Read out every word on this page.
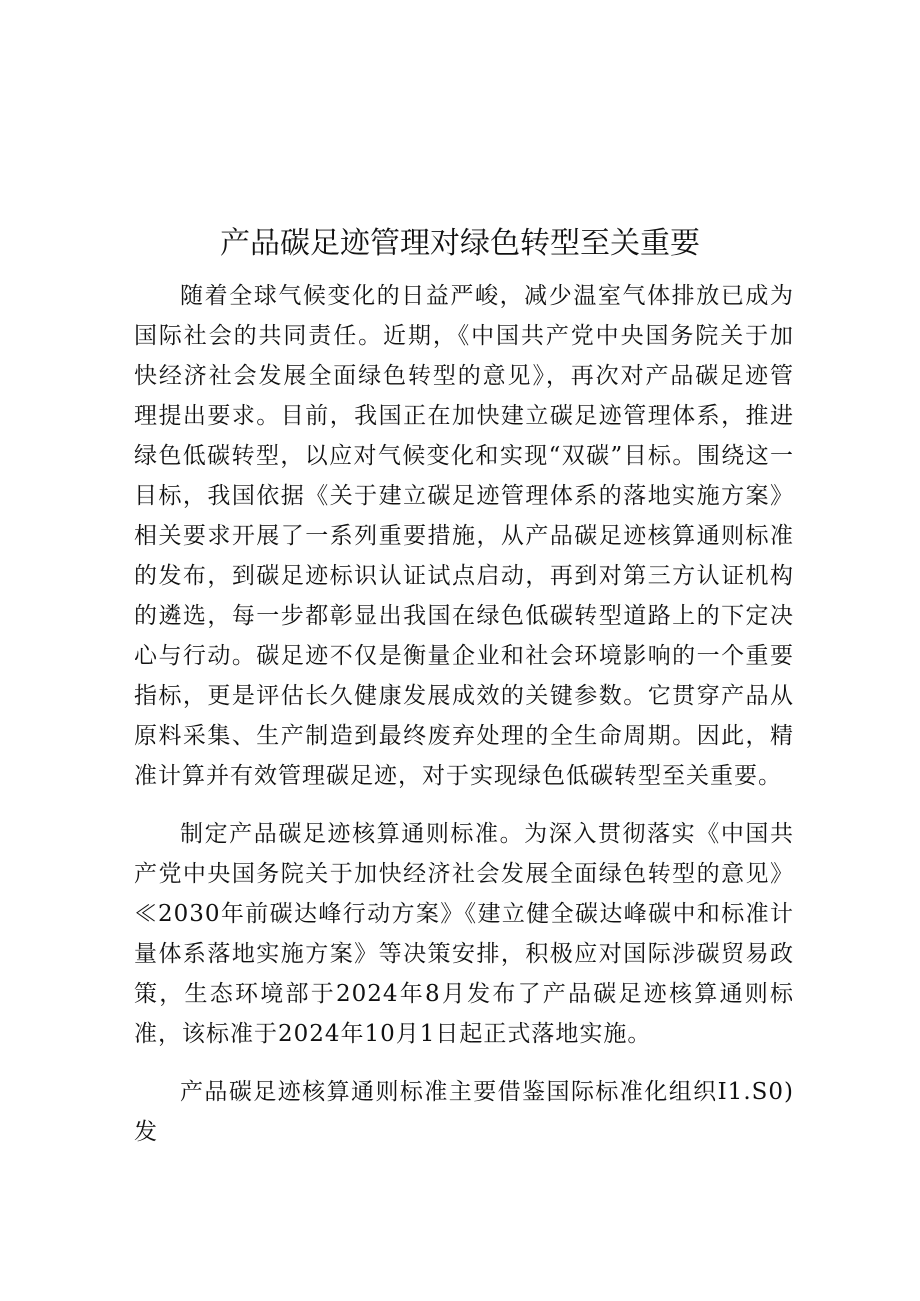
产品碳足迹管理对绿色转型至关重要

随着全球气候变化的日益严峻，减少温室气体排放已成为国际社会的共同责任。近期，《中国共产党中央国务院关于加快经济社会发展全面绿色转型的意见》，再次对产品碳足迹管理提出要求。目前，我国正在加快建立碳足迹管理体系，推进绿色低碳转型，以应对气候变化和实现“双碳”目标。围绕这一目标，我国依据《关于建立碳足迹管理体系的落地实施方案》相关要求开展了一系列重要措施，从产品碳足迹核算通则标准的发布，到碳足迹标识认证试点启动，再到对第三方认证机构的遴选，每一步都彰显出我国在绿色低碳转型道路上的下定决心与行动。碳足迹不仅是衡量企业和社会环境影响的一个重要指标，更是评估长久健康发展成效的关键参数。它贯穿产品从原料采集、生产制造到最终废弃处理的全生命周期。因此，精准计算并有效管理碳足迹，对于实现绿色低碳转型至关重要。

制定产品碳足迹核算通则标准。为深入贯彻落实《中国共产党中央国务院关于加快经济社会发展全面绿色转型的意见》≪2030年前碳达峰行动方案》《建立健全碳达峰碳中和标准计量体系落地实施方案》等决策安排，积极应对国际涉碳贸易政策，生态环境部于2024年8月发布了产品碳足迹核算通则标准，该标准于2024年10月1日起正式落地实施。

产品碳足迹核算通则标准主要借鉴国际标准化组织I1.S0)发
